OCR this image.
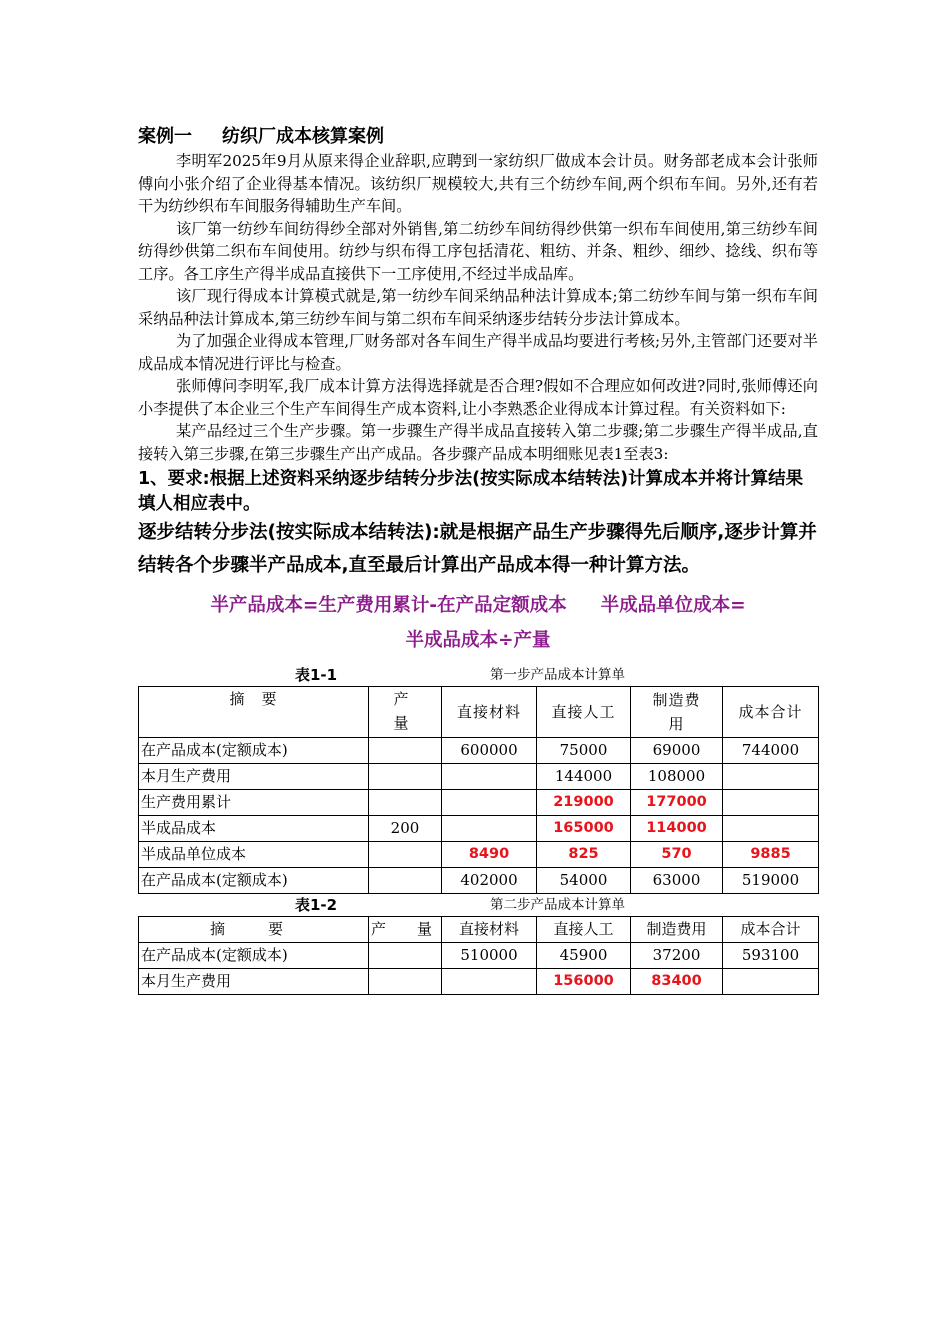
案例一 纺织厂成本核算案例

李明军2025年9月从原来得企业辞职,应聘到一家纺织厂做成本会计员。财务部老成本会计张师傅向小张介绍了企业得基本情况。该纺织厂规模较大,共有三个纺纱车间,两个织布车间。另外,还有若干为纺纱织布车间服务得辅助生产车间。

该厂第一纺纱车间纺得纱全部对外销售,第二纺纱车间纺得纱供第一织布车间使用,第三纺纱车间纺得纱供第二织布车间使用。纺纱与织布得工序包括清花、粗纺、并条、粗纱、细纱、捻线、织布等工序。各工序生产得半成品直接供下一工序使用,不经过半成品库。

该厂现行得成本计算模式就是,第一纺纱车间采纳品种法计算成本;第二纺纱车间与第一织布车间采纳品种法计算成本,第三纺纱车间与第二织布车间采纳逐步结转分步法计算成本。

为了加强企业得成本管理,厂财务部对各车间生产得半成品均要进行考核;另外,主管部门还要对半成品成本情况进行评比与检查。

张师傅问李明军,我厂成本计算方法得选择就是否合理?假如不合理应如何改进?同时,张师傅还向小李提供了本企业三个生产车间得生产成本资料,让小李熟悉企业得成本计算过程。有关资料如下:

某产品经过三个生产步骤。第一步骤生产得半成品直接转入第二步骤;第二步骤生产得半成品,直接转入第三步骤,在第三步骤生产出产成品。各步骤产品成本明细账见表1至表3:

1、要求:根据上述资料采纳逐步结转分步法(按实际成本结转法)计算成本并将计算结果填人相应表中。

逐步结转分步法(按实际成本结转法):就是根据产品生产步骤得先后顺序,逐步计算并结转各个步骤半产品成本,直至最后计算出产品成本得一种计算方法。

半产品成本=生产费用累计-在产品定额成本 半成品单位成本=
半成品成本÷产量
表1-1	第一步产品成本计算单
摘　要	产　量	直接材料	直接人工	制造费用	成本合计
在产品成本(定额成本)		600000	75000	69000	744000
本月生产费用			144000	108000	
生产费用累计			219000	177000	
半成品成本	200		165000	114000	
半成品单位成本		8490	825	570	9885
在产品成本(定额成本)		402000	54000	63000	519000
表1-2	第二步产品成本计算单
摘　要	产　量	直接材料	直接人工	制造费用	成本合计
在产品成本(定额成本)		510000	45900	37200	593100
本月生产费用			156000	83400	
